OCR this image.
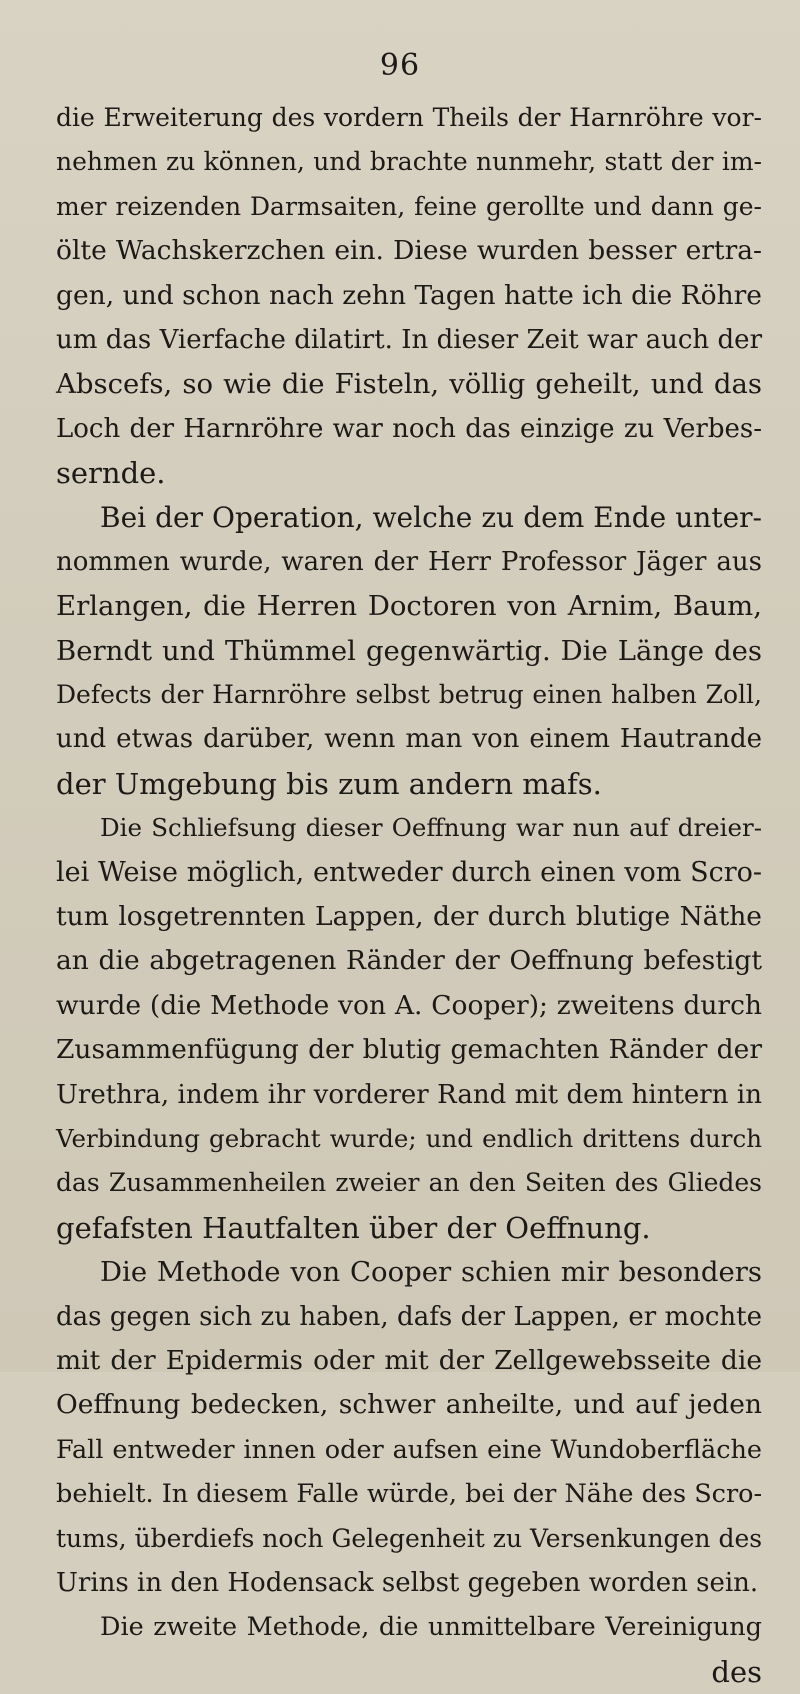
96
die Erweiterung des vordern Theils der Harnröhre vor-
nehmen zu können, und brachte nunmehr, statt der im-
mer reizenden Darmsaiten, feine gerollte und dann ge-
ölte Wachskerzchen ein. Diese wurden besser ertra-
gen, und schon nach zehn Tagen hatte ich die Röhre
um das Vierfache dilatirt. In dieser Zeit war auch der
Abscefs, so wie die Fisteln, völlig geheilt, und das
Loch der Harnröhre war noch das einzige zu Verbes-
sernde.
Bei der Operation, welche zu dem Ende unter-
nommen wurde, waren der Herr Professor Jäger aus
Erlangen, die Herren Doctoren von Arnim, Baum,
Berndt und Thümmel gegenwärtig. Die Länge des
Defects der Harnröhre selbst betrug einen halben Zoll,
und etwas darüber, wenn man von einem Hautrande
der Umgebung bis zum andern mafs.
Die Schliefsung dieser Oeffnung war nun auf dreier-
lei Weise möglich, entweder durch einen vom Scro-
tum losgetrennten Lappen, der durch blutige Näthe
an die abgetragenen Ränder der Oeffnung befestigt
wurde (die Methode von A. Cooper); zweitens durch
Zusammenfügung der blutig gemachten Ränder der
Urethra, indem ihr vorderer Rand mit dem hintern in
Verbindung gebracht wurde; und endlich drittens durch
das Zusammenheilen zweier an den Seiten des Gliedes
gefafsten Hautfalten über der Oeffnung.
Die Methode von Cooper schien mir besonders
das gegen sich zu haben, dafs der Lappen, er mochte
mit der Epidermis oder mit der Zellgewebsseite die
Oeffnung bedecken, schwer anheilte, und auf jeden
Fall entweder innen oder aufsen eine Wundoberfläche
behielt. In diesem Falle würde, bei der Nähe des Scro-
tums, überdiefs noch Gelegenheit zu Versenkungen des
Urins in den Hodensack selbst gegeben worden sein.
Die zweite Methode, die unmittelbare Vereinigung
des
